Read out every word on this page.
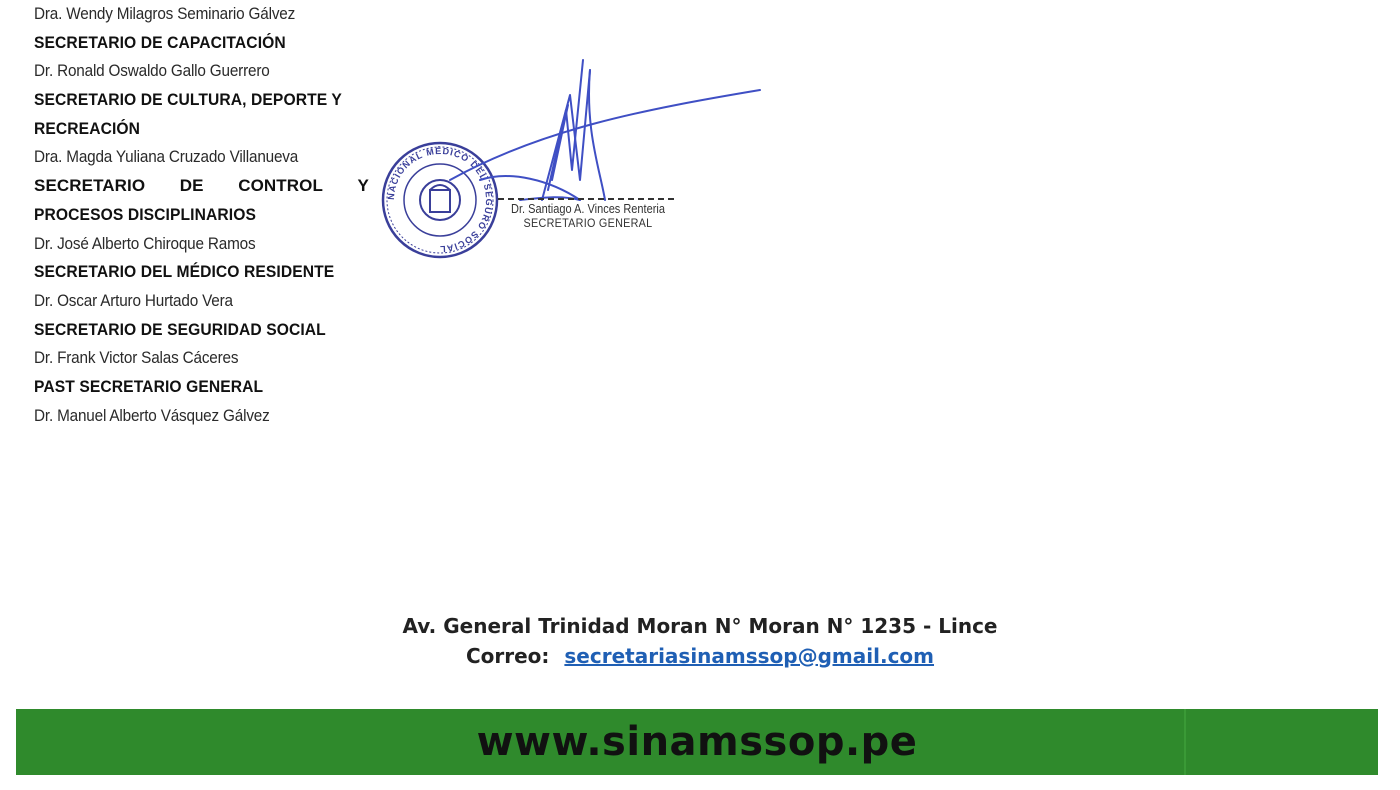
Dra. Wendy Milagros Seminario Gálvez
SECRETARIO DE CAPACITACIÓN
Dr. Ronald Oswaldo Gallo Guerrero
SECRETARIO DE CULTURA, DEPORTE Y
RECREACIÓN
Dra. Magda Yuliana Cruzado Villanueva
SECRETARIO DE CONTROL Y
PROCESOS DISCIPLINARIOS
Dr. José Alberto Chiroque Ramos
SECRETARIO DEL MÉDICO RESIDENTE
Dr. Oscar Arturo Hurtado Vera
SECRETARIO DE SEGURIDAD SOCIAL
Dr. Frank Victor Salas Cáceres
PAST SECRETARIO GENERAL
Dr. Manuel Alberto Vásquez Gálvez
NACIONAL MÉDICO DEL SEGURO SOCIAL
Dr. Santiago A. Vinces Renteria
SECRETARIO GENERAL
Av. General Trinidad Moran N° Moran N° 1235 - Lince
Correo: secretariasinamssop@gmail.com
www.sinamssop.pe
